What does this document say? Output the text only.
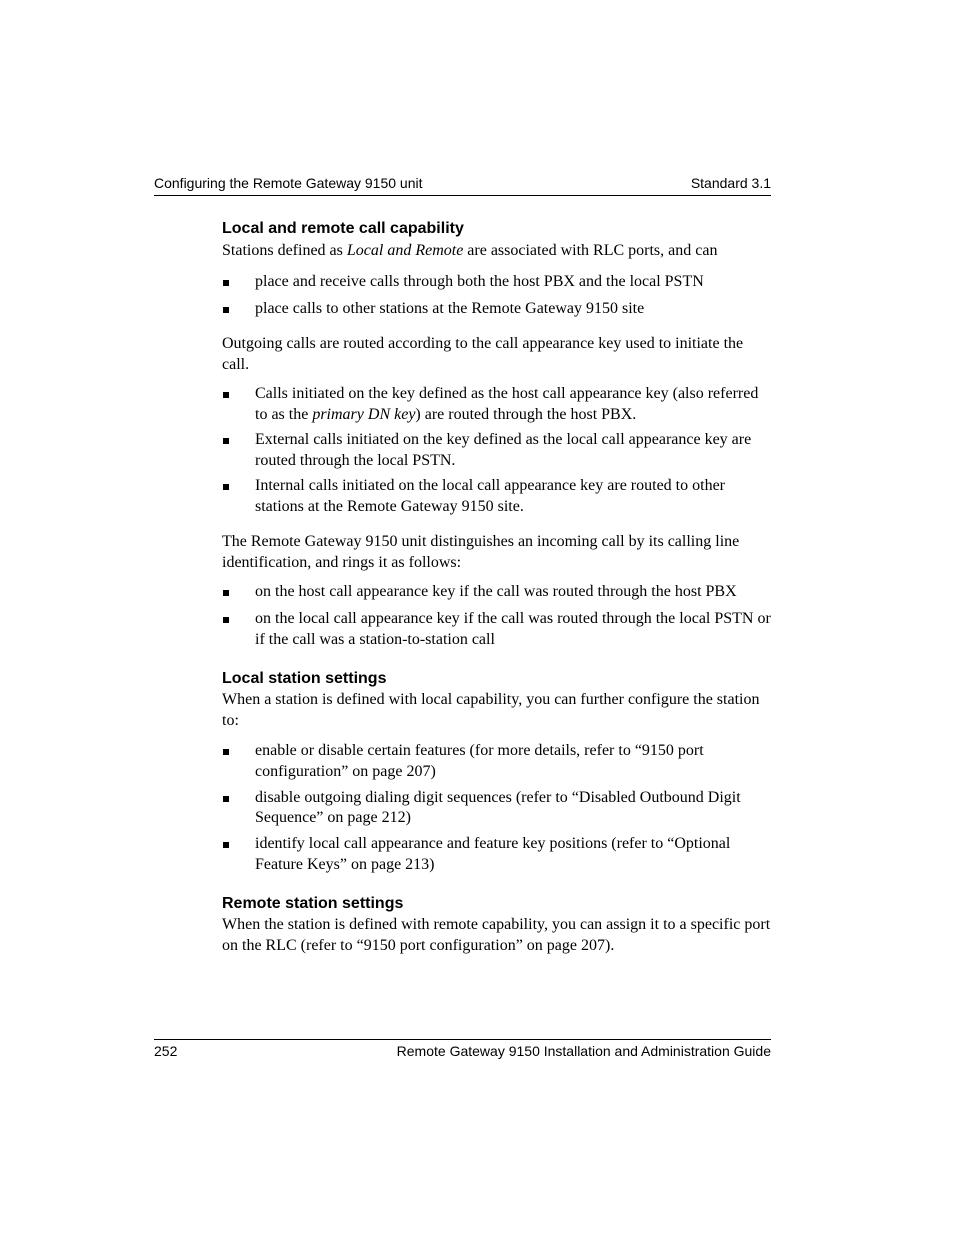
Configuring the Remote Gateway 9150 unit	Standard 3.1
Local and remote call capability

Stations defined as Local and Remote are associated with RLC ports, and can

place and receive calls through both the host PBX and the local PSTN
place calls to other stations at the Remote Gateway 9150 site

Outgoing calls are routed according to the call appearance key used to initiate the call.

Calls initiated on the key defined as the host call appearance key (also referred to as the primary DN key) are routed through the host PBX.
External calls initiated on the key defined as the local call appearance key are routed through the local PSTN.
Internal calls initiated on the local call appearance key are routed to other stations at the Remote Gateway 9150 site.

The Remote Gateway 9150 unit distinguishes an incoming call by its calling line identification, and rings it as follows:

on the host call appearance key if the call was routed through the host PBX
on the local call appearance key if the call was routed through the local PSTN or if the call was a station-to-station call
Local station settings

When a station is defined with local capability, you can further configure the station to:

enable or disable certain features (for more details, refer to “9150 port configuration” on page 207)
disable outgoing dialing digit sequences (refer to “Disabled Outbound Digit Sequence” on page 212)
identify local call appearance and feature key positions (refer to “Optional Feature Keys” on page 213)
Remote station settings

When the station is defined with remote capability, you can assign it to a specific port on the RLC (refer to “9150 port configuration” on page 207).

252	Remote Gateway 9150 Installation and Administration Guide
